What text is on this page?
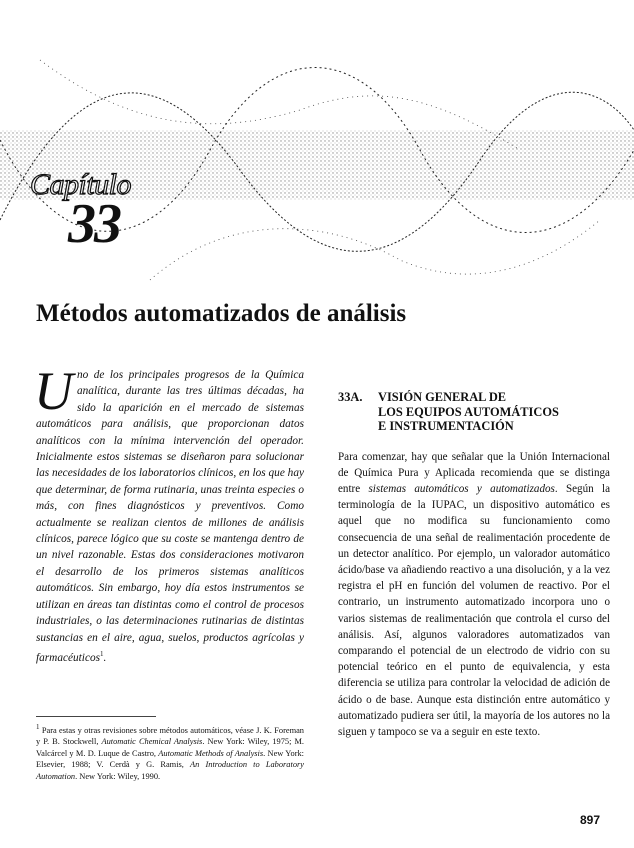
Capítulo
33
Métodos automatizados de análisis
Uno de los principales progresos de la Química analítica, durante las tres últimas décadas, ha sido la aparición en el mercado de sistemas automáticos para análisis, que proporcionan datos analíticos con la mínima intervención del operador. Inicialmente estos sistemas se diseñaron para solucionar las necesidades de los laboratorios clínicos, en los que hay que determinar, de forma rutinaria, unas treinta especies o más, con fines diagnósticos y preventivos. Como actualmente se realizan cientos de millones de análisis clínicos, parece lógico que su coste se mantenga dentro de un nivel razonable. Estas dos consideraciones motivaron el desarrollo de los primeros sistemas analíticos automáticos. Sin embargo, hoy día estos instrumentos se utilizan en áreas tan distintas como el control de procesos industriales, o las determinaciones rutinarias de distintas sustancias en el aire, agua, suelos, productos agrícolas y farmacéuticos$^1$.
$^1$ Para estas y otras revisiones sobre métodos automáticos, véase J. K. Foreman y P. B. Stockwell, Automatic Chemical Analysis. New York: Wiley, 1975; M. Valcárcel y M. D. Luque de Castro, Automatic Methods of Analysis. New York: Elsevier, 1988; V. Cerdà y G. Ramis, An Introduction to Laboratory Automation. New York: Wiley, 1990.
33A.	VISIÓN GENERAL DE
LOS EQUIPOS AUTOMÁTICOS
E INSTRUMENTACIÓN
Para comenzar, hay que señalar que la Unión Internacional de Química Pura y Aplicada recomienda que se distinga entre sistemas automáticos y automatizados. Según la terminología de la IUPAC, un dispositivo automático es aquel que no modifica su funcionamiento como consecuencia de una señal de realimentación procedente de un detector analítico. Por ejemplo, un valorador automático ácido/base va añadiendo reactivo a una disolución, y a la vez registra el pH en función del volumen de reactivo. Por el contrario, un instrumento automatizado incorpora uno o varios sistemas de realimentación que controla el curso del análisis. Así, algunos valoradores automatizados van comparando el potencial de un electrodo de vidrio con su potencial teórico en el punto de equivalencia, y esta diferencia se utiliza para controlar la velocidad de adición de ácido o de base. Aunque esta distinción entre automático y automatizado pudiera ser útil, la mayoría de los autores no la siguen y tampoco se va a seguir en este texto.
897
